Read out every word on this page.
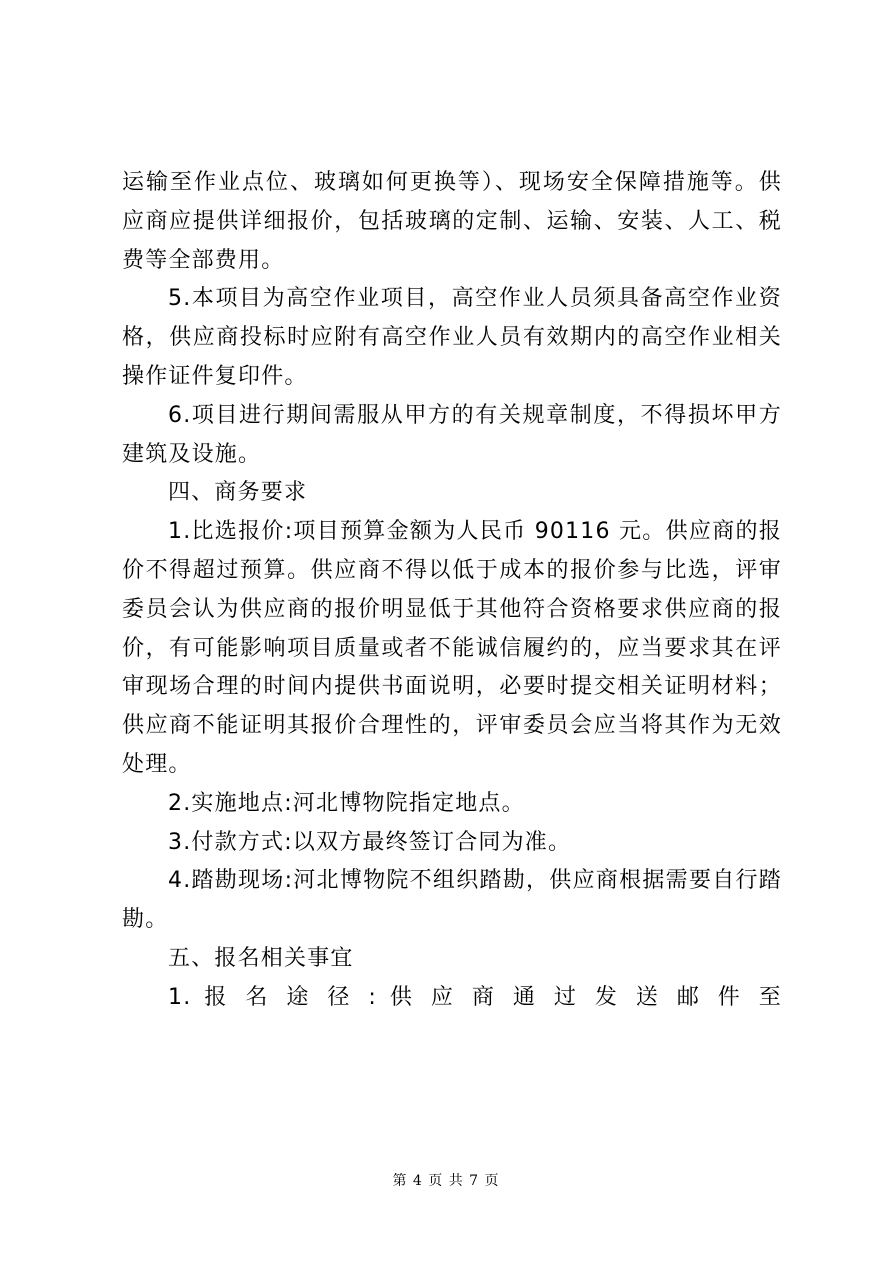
运输至作业点位、玻璃如何更换等）、现场安全保障措施等。供应商应提供详细报价，包括玻璃的定制、运输、安装、人工、税费等全部费用。

5.本项目为高空作业项目，高空作业人员须具备高空作业资格，供应商投标时应附有高空作业人员有效期内的高空作业相关操作证件复印件。

6.项目进行期间需服从甲方的有关规章制度，不得损坏甲方建筑及设施。

四、商务要求

1.比选报价:项目预算金额为人民币 90116 元。供应商的报价不得超过预算。供应商不得以低于成本的报价参与比选，评审委员会认为供应商的报价明显低于其他符合资格要求供应商的报价，有可能影响项目质量或者不能诚信履约的，应当要求其在评审现场合理的时间内提供书面说明，必要时提交相关证明材料；供应商不能证明其报价合理性的，评审委员会应当将其作为无效处理。

2.实施地点:河北博物院指定地点。

3.付款方式:以双方最终签订合同为准。

4.踏勘现场:河北博物院不组织踏勘，供应商根据需要自行踏勘。

五、报名相关事宜

1. 报 名 途 径 : 供 应 商 通 过 发 送 邮 件 至

第 4 页 共 7 页
